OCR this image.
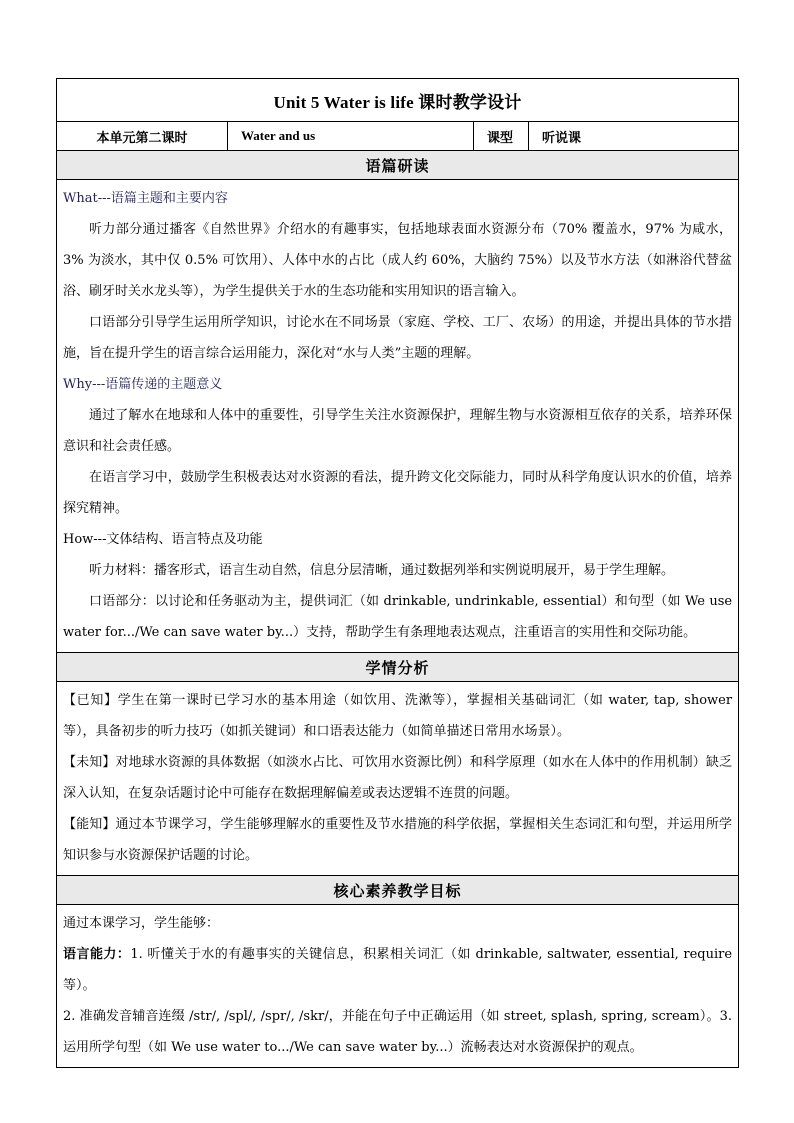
Unit 5 Water is life 课时教学设计
本单元第二课时	Water and us	课型	听说课
语篇研读

What---语篇主题和主要内容

听力部分通过播客《自然世界》介绍水的有趣事实，包括地球表面水资源分布（70% 覆盖水，97% 为咸水，3% 为淡水，其中仅 0.5% 可饮用）、人体中水的占比（成人约 60%，大脑约 75%）以及节水方法（如淋浴代替盆浴、刷牙时关水龙头等），为学生提供关于水的生态功能和实用知识的语言输入。

口语部分引导学生运用所学知识，讨论水在不同场景（家庭、学校、工厂、农场）的用途，并提出具体的节水措施，旨在提升学生的语言综合运用能力，深化对“水与人类”主题的理解。

Why---语篇传递的主题意义

通过了解水在地球和人体中的重要性，引导学生关注水资源保护，理解生物与水资源相互依存的关系，培养环保意识和社会责任感。

在语言学习中，鼓励学生积极表达对水资源的看法，提升跨文化交际能力，同时从科学角度认识水的价值，培养探究精神。

How---文体结构、语言特点及功能

听力材料：播客形式，语言生动自然，信息分层清晰，通过数据列举和实例说明展开，易于学生理解。

口语部分：以讨论和任务驱动为主，提供词汇（如 drinkable, undrinkable, essential）和句型（如 We use water for.../We can save water by...）支持，帮助学生有条理地表达观点，注重语言的实用性和交际功能。

学情分析

【已知】学生在第一课时已学习水的基本用途（如饮用、洗漱等），掌握相关基础词汇（如 water, tap, shower 等），具备初步的听力技巧（如抓关键词）和口语表达能力（如简单描述日常用水场景）。

【未知】对地球水资源的具体数据（如淡水占比、可饮用水资源比例）和科学原理（如水在人体中的作用机制）缺乏深入认知，在复杂话题讨论中可能存在数据理解偏差或表达逻辑不连贯的问题。

【能知】通过本节课学习，学生能够理解水的重要性及节水措施的科学依据，掌握相关生态词汇和句型，并运用所学知识参与水资源保护话题的讨论。

核心素养教学目标

通过本课学习，学生能够：

语言能力：1. 听懂关于水的有趣事实的关键信息，积累相关词汇（如 drinkable, saltwater, essential, require 等）。

2. 准确发音辅音连缀 /str/, /spl/, /spr/, /skr/，并能在句子中正确运用（如 street, splash, spring, scream）。3. 运用所学句型（如 We use water to.../We can save water by...）流畅表达对水资源保护的观点。
